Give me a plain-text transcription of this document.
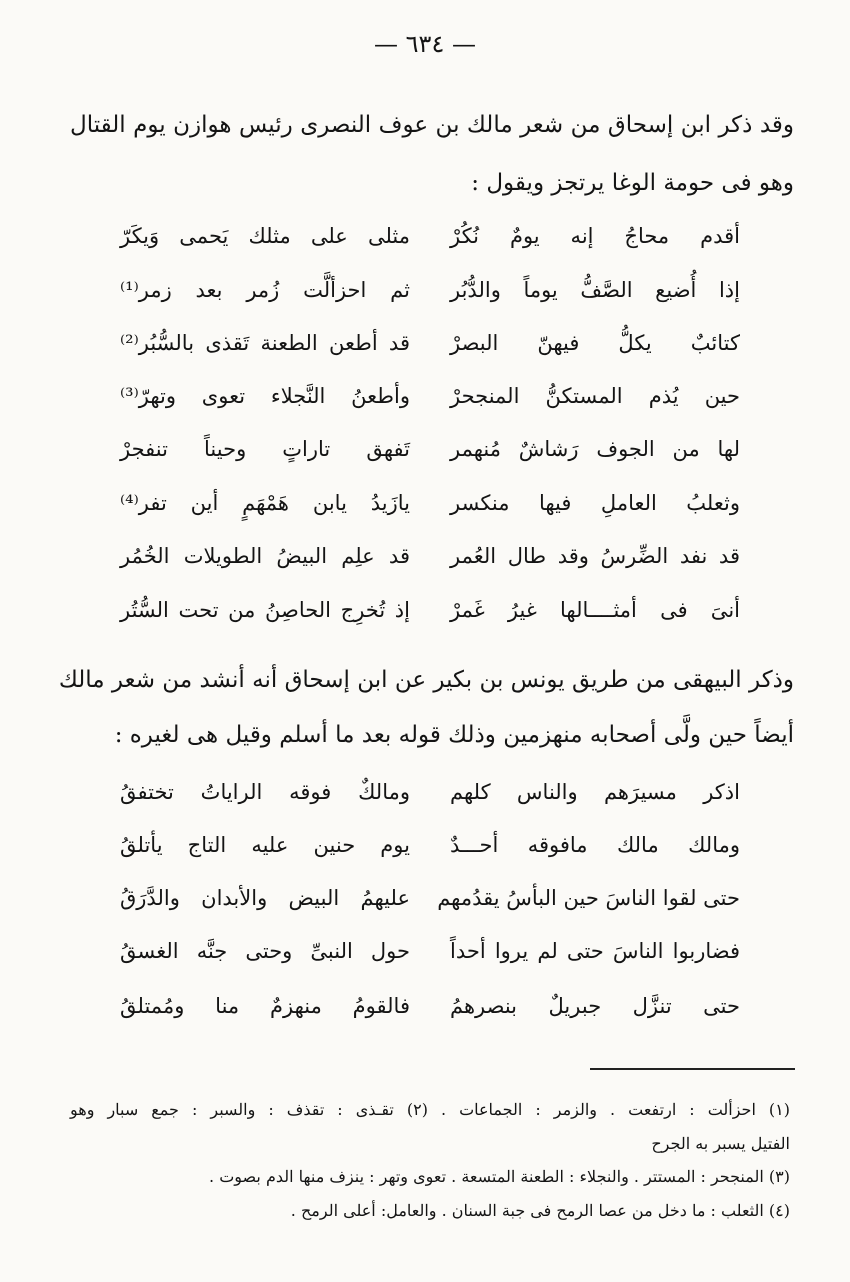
— ٦٣٤ —
وقد ذكر ابن إسحاق من شعر مالك بن عوف النصرى رئيس هوازن يوم القتال
وهو فى حومة الوغا يرتجز ويقول :
أقدم محاجُ إنه يومٌ نُكُرْ
مثلى على مثلك يَحمى وَيكَرّ
إذا أُضيع الصَّفُّ يوماً والدُّبُر
ثم احزألَّت زُمر بعد زمر⁽¹⁾
كتائبٌ يكلُّ فيهنّ البصرْ
قد أطعن الطعنة تَقذى بالسُّبُر⁽²⁾
حين يُذم المستكنُّ المنجحرْ
وأطعنُ النَّجلاء تعوى وتهرّ⁽³⁾
لها من الجوف رَشاشٌ مُنهمر
تَفهق تاراتٍ وحيناً تنفجرْ
وثعلبُ العاملِ فيها منكسر
يازَيدُ يابن هَمْهَمٍ أين تفر⁽⁴⁾
قد نفد الضِّرسُ وقد طال العُمر
قد علِم البيضُ الطويلات الخُمُر
أنىَ فى أمثــــالها غيرُ غَمرْ
إذ تُخرِج الحاصِنُ من تحت السُّتُر
وذكر البيهقى من طريق يونس بن بكير عن ابن إسحاق أنه أنشد من شعر مالك
أيضاً حين ولَّى أصحابه منهزمين وذلك قوله بعد ما أسلم وقيل هى لغيره :
اذكر مسيرَهم والناس كلهم
ومالكٌ فوقه الراياتُ تختفقُ
ومالك مالك مافوقه أحـــدٌ
يوم حنين عليه التاج يأتلقُ
حتى لقوا الناسَ حين البأسُ يقدُمهم
عليهمُ البيض والأبدان والدَّرَقُ
فضاربوا الناسَ حتى لم يروا أحداً
حول النبىِّ وحتى جنَّه الغسقُ
حتى تنزَّل جبريلٌ بنصرهمُ
فالقومُ منهزمٌ منا ومُمتلقُ
(١) احزألت : ارتفعت . والزمر : الجماعات . (٢) تقـذى : تقذف : والسبر : جمع سبار وهو
الفتيل يسبر به الجرح
(٣) المنجحر : المستتر . والنجلاء : الطعنة المتسعة . تعوى وتهر : ينزف منها الدم بصوت .
(٤) الثعلب : ما دخل من عصا الرمح فى جبة السنان . والعامل: أعلى الرمح .
